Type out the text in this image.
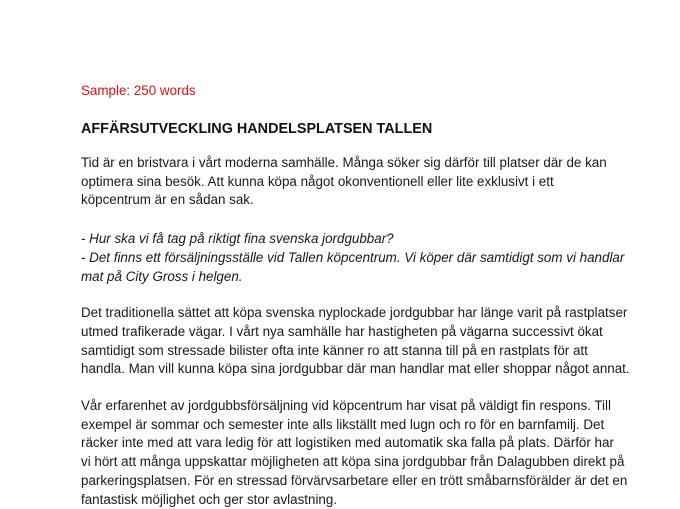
Sample: 250 words

AFFÄRSUTVECKLING HANDELSPLATSEN TALLEN

Tid är en bristvara i vårt moderna samhälle. Många söker sig därför till platser där de kan
optimera sina besök. Att kunna köpa något okonventionell eller lite exklusivt i ett
köpcentrum är en sådan sak.

- Hur ska vi få tag på riktigt fina svenska jordgubbar?
- Det finns ett försäljningsställe vid Tallen köpcentrum. Vi köper där samtidigt som vi handlar
mat på City Gross i helgen.

Det traditionella sättet att köpa svenska nyplockade jordgubbar har länge varit på rastplatser
utmed trafikerade vägar. I vårt nya samhälle har hastigheten på vägarna successivt ökat
samtidigt som stressade bilister ofta inte känner ro att stanna till på en rastplats för att
handla. Man vill kunna köpa sina jordgubbar där man handlar mat eller shoppar något annat.

Vår erfarenhet av jordgubbsförsäljning vid köpcentrum har visat på väldigt fin respons. Till
exempel är sommar och semester inte alls likställt med lugn och ro för en barnfamilj. Det
räcker inte med att vara ledig för att logistiken med automatik ska falla på plats. Därför har
vi hört att många uppskattar möjligheten att köpa sina jordgubbar från Dalagubben direkt på
parkeringsplatsen. För en stressad förvärvsarbetare eller en trött småbarnsförälder är det en
fantastisk möjlighet och ger stor avlastning.
